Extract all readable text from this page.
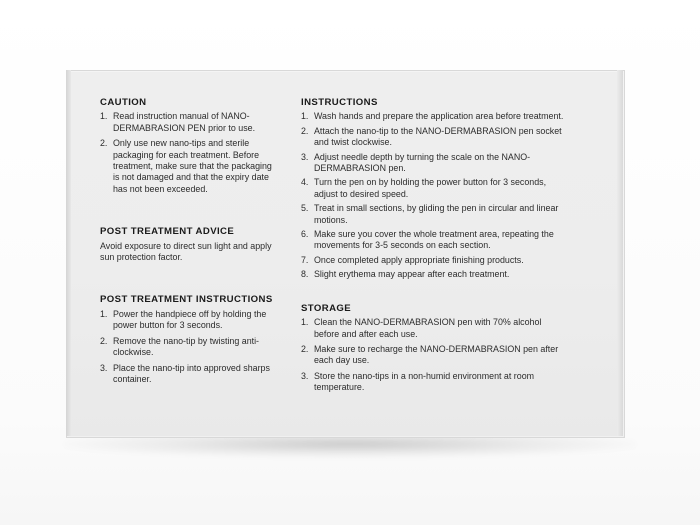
CAUTION
1. Read instruction manual of NANO-DERMABRASION PEN prior to use.
2. Only use new nano-tips and sterile packaging for each treatment. Before treatment, make sure that the packaging is not damaged and that the expiry date has not been exceeded.
POST TREATMENT ADVICE

Avoid exposure to direct sun light and apply sun protection factor.

POST TREATMENT INSTRUCTIONS
1. Power the handpiece off by holding the power button for 3 seconds.
2. Remove the nano-tip by twisting anti-clockwise.
3. Place the nano-tip into approved sharps container.
INSTRUCTIONS
1. Wash hands and prepare the application area before treatment.
2. Attach the nano-tip to the NANO-DERMABRASION pen socket and twist clockwise.
3. Adjust needle depth by turning the scale on the NANO-DERMABRASION pen.
4. Turn the pen on by holding the power button for 3 seconds, adjust to desired speed.
5. Treat in small sections, by gliding the pen in circular and linear motions.
6. Make sure you cover the whole treatment area, repeating the movements for 3-5 seconds on each section.
7. Once completed apply appropriate finishing products.
8. Slight erythema may appear after each treatment.
STORAGE
1. Clean the NANO-DERMABRASION pen with 70% alcohol before and after each use.
2. Make sure to recharge the NANO-DERMABRASION pen after each day use.
3. Store the nano-tips in a non-humid environment at room temperature.
